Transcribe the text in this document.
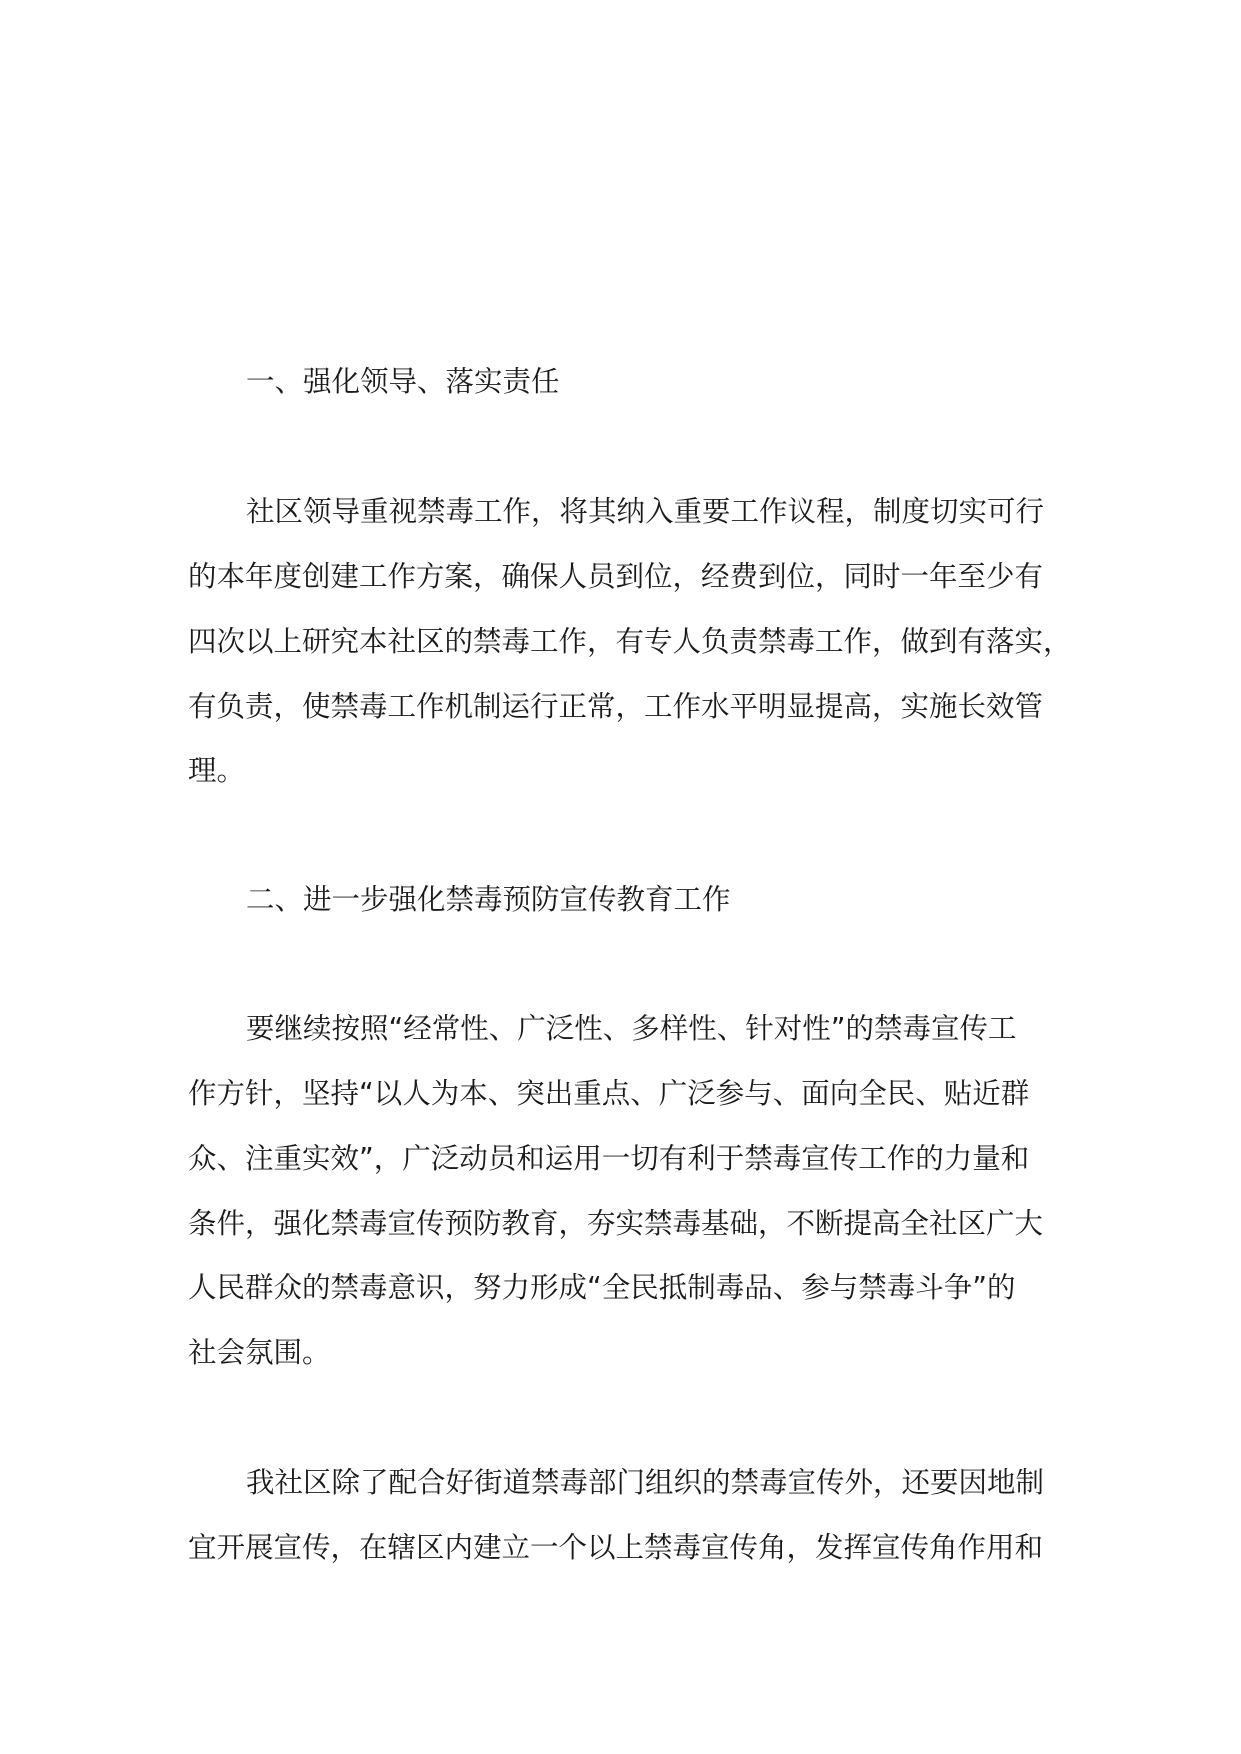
一、强化领导、落实责任
社区领导重视禁毒工作，将其纳入重要工作议程，制度切实可行
的本年度创建工作方案，确保人员到位，经费到位，同时一年至少有
四次以上研究本社区的禁毒工作，有专人负责禁毒工作，做到有落实，
有负责，使禁毒工作机制运行正常，工作水平明显提高，实施长效管
理。
二、进一步强化禁毒预防宣传教育工作
要继续按照“经常性、广泛性、多样性、针对性”的禁毒宣传工
作方针，坚持“以人为本、突出重点、广泛参与、面向全民、贴近群
众、注重实效”，广泛动员和运用一切有利于禁毒宣传工作的力量和
条件，强化禁毒宣传预防教育，夯实禁毒基础，不断提高全社区广大
人民群众的禁毒意识，努力形成“全民抵制毒品、参与禁毒斗争”的
社会氛围。
我社区除了配合好街道禁毒部门组织的禁毒宣传外，还要因地制
宜开展宣传，在辖区内建立一个以上禁毒宣传角，发挥宣传角作用和
